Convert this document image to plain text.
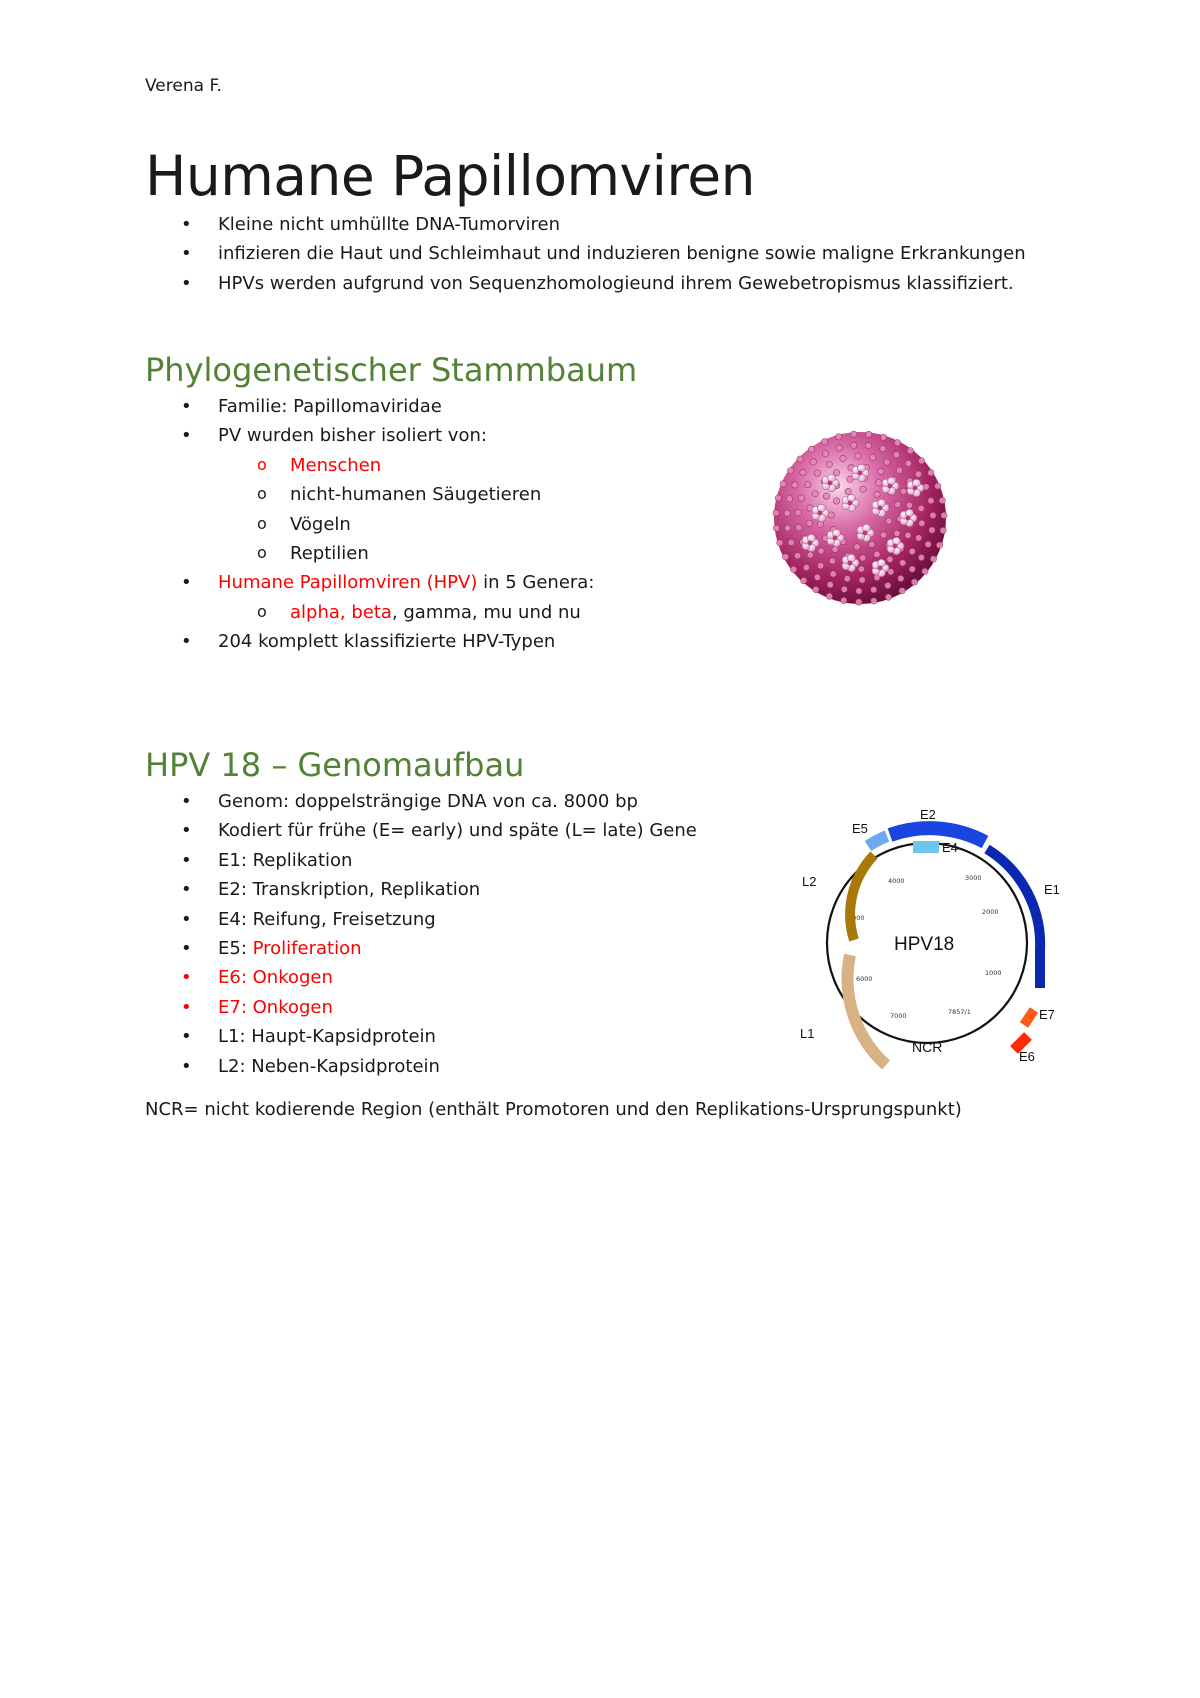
Verena F.
Humane Papillomviren
• Kleine nicht umhüllte DNA-Tumorviren
• infizieren die Haut und Schleimhaut und induzieren benigne sowie maligne Erkrankungen
• HPVs werden aufgrund von Sequenzhomologieund ihrem Gewebetropismus klassifiziert.
Phylogenetischer Stammbaum
• Familie: Papillomaviridae
• PV wurden bisher isoliert von:
o Menschen
o nicht-humanen Säugetieren
o Vögeln
o Reptilien
• Humane Papillomviren (HPV) in 5 Genera:
o alpha, beta, gamma, mu und nu
• 204 komplett klassifizierte HPV-Typen
HPV 18 – Genomaufbau
• Genom: doppelsträngige DNA von ca. 8000 bp
• Kodiert für frühe (E= early) und späte (L= late) Gene
• E1: Replikation
• E2: Transkription, Replikation
• E4: Reifung, Freisetzung
• E5: Proliferation
• E6: Onkogen
• E7: Onkogen
• L1: Haupt-Kapsidprotein
• L2: Neben-Kapsidprotein
NCR= nicht kodierende Region (enthält Promotoren und den Replikations-Ursprungspunkt)
3000
4000
2000
5000
1000
6000
7000	7857/1
E2
E5
E4
E1
L2
L1
E7
E6
NCR
HPV18
